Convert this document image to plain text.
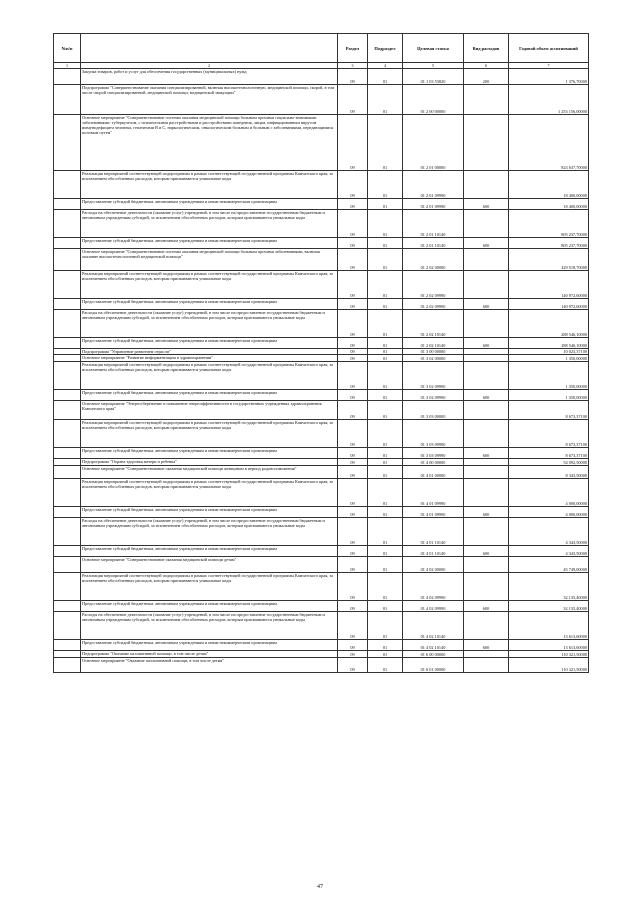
№п/п		Раздел	Подраздел	Целевая статья	Вид расходов	Годовой объем ассигнований
1	2	3	4	5	6	7
	Закупка товаров, работ и услуг для обеспечения государственных (муниципальных) нужд	09	01	01 1 03 53820	200	1 376,70000
	Подпрограмма "Совершенствование оказания специализированной, включая высокотехнологичную, медицинской помощи, скорой, в том числе скорой специализированной, медицинской помощи, медицинской эвакуации"	09	01	01 2 00 00000		1 253 156,00000
	Основное мероприятие "Совершенствование системы оказания медицинской помощи больным прочими социально-значимыми заболеваниями: туберкулезом, с психическими расстройствами и расстройствами поведения, лицам, инфицированным вирусом иммунодефицита человека, гепатитами В и С, наркологическим, онкологическим больным и больным с заболеваниями, передающимися половым путем"	09	01	01 2 01 00000		823 637,70000
	Реализация мероприятий соответствующей подпрограммы в рамках соответствующей государственной программы Камчатского края, за исключением обособленных расходов, которым присваиваются уникальные коды	09	01	01 2 01 09990		18 400,00000
	Предоставление субсидий бюджетным, автономным учреждениям и иным некоммерческим организациям	09	01	01 2 01 09990	600	18 400,00000
	Расходы на обеспечение деятельности (оказание услуг) учреждений, в том числе на предоставление государственным бюджетным и автономным учреждениям субсидий, за исключением обособленных расходов, которым присваиваются уникальные коды	09	01	01 2 01 10140		805 237,70000
	Предоставление субсидий бюджетным, автономным учреждениям и иным некоммерческим организациям	09	01	01 2 01 10140	600	805 237,70000
	Основное мероприятие "Совершенствование системы оказания медицинской помощи больным прочими заболеваниями, включая оказание высокотехнологичной медицинской помощи"	09	01	01 2 02 00000		429 518,70000
	Реализация мероприятий соответствующей подпрограммы в рамках соответствующей государственной программы Камчатского края, за исключением обособленных расходов, которым присваиваются уникальные коды	09	01	01 2 02 09990		140 972,60000
	Предоставление субсидий бюджетным, автономным учреждениям и иным некоммерческим организациям	09	01	01 2 02 09990	600	140 972,60000
	Расходы на обеспечение деятельности (оказание услуг) учреждений, в том числе на предоставление государственным бюджетным и автономным учреждениям субсидий, за исключением обособленных расходов, которым присваиваются уникальные коды	09	01	01 2 02 10140		288 546,10000
	Предоставление субсидий бюджетным, автономным учреждениям и иным некоммерческим организациям	09	01	01 2 02 10140	600	288 546,10000
	Подпрограмма "Управление развитием отрасли"	09	01	01 3 00 00000		10 023,37100
	Основное мероприятие "Развитие информатизации в здравоохранении"	09	01	01 3 02 00000		1 350,00000
	Реализация мероприятий соответствующей подпрограммы в рамках соответствующей государственной программы Камчатского края, за исключением обособленных расходов, которым присваиваются уникальные коды	09	01	01 3 02 09990		1 350,00000
	Предоставление субсидий бюджетным, автономным учреждениям и иным некоммерческим организациям	09	01	01 3 02 09990	600	1 350,00000
	Основное мероприятие "Энергосбережение и повышение энергоэффективности в государственных учреждениях здравоохранения Камчатского края"	09	01	01 3 03 00000		8 673,37100
	Реализация мероприятий соответствующей подпрограммы в рамках соответствующей государственной программы Камчатского края, за исключением обособленных расходов, которым присваиваются уникальные коды	09	01	01 3 03 09990		8 673,37100
	Предоставление субсидий бюджетным, автономным учреждениям и иным некоммерческим организациям	09	01	01 3 03 09990	600	8 673,37100
	Подпрограмма "Охрана здоровья матери и ребенка"	09	01	01 4 00 00000		54 092,50000
	Основное мероприятие "Совершенствование оказания медицинской помощи женщинам в период родовспоможения"	09	01	01 4 01 00000		8 343,50000
	Реализация мероприятий соответствующей подпрограммы в рамках соответствующей государственной программы Камчатского края, за исключением обособленных расходов, которым присваиваются уникальные коды	09	01	01 4 01 09990		4 000,00000
	Предоставление субсидий бюджетным, автономным учреждениям и иным некоммерческим организациям	09	01	01 4 01 09990	600	4 000,00000
	Расходы на обеспечение деятельности (оказание услуг) учреждений, в том числе на предоставление государственным бюджетным и автономным учреждениям субсидий, за исключением обособленных расходов, которым присваиваются уникальные коды	09	01	01 4 01 10140		4 343,50000
	Предоставление субсидий бюджетным, автономным учреждениям и иным некоммерческим организациям	09	01	01 4 01 10140	600	4 343,50000
	Основное мероприятие "Совершенствование оказания медицинской помощи детям"	09	01	01 4 02 00000		45 749,00000
	Реализация мероприятий соответствующей подпрограммы в рамках соответствующей государственной программы Камчатского края, за исключением обособленных расходов, которым присваиваются уникальные коды	09	01	01 4 02 09990		32 135,40000
	Предоставление субсидий бюджетным, автономным учреждениям и иным некоммерческим организациям	09	01	01 4 02 09990	600	32 135,40000
	Расходы на обеспечение деятельности (оказание услуг) учреждений, в том числе на предоставление государственным бюджетным и автономным учреждениям субсидий, за исключением обособленных расходов, которым присваиваются уникальные коды	09	01	01 4 02 10140		13 613,60000
	Предоставление субсидий бюджетным, автономным учреждениям и иным некоммерческим организациям	09	01	01 4 02 10140	600	13 613,60000
	Подпрограмма "Оказание паллиативной помощи, в том числе детям"	09	01	01 6 00 00000		110 321,50000
	Основное мероприятие "Оказание паллиативной помощи, в том числе детям"	09	01	01 6 01 00000		110 321,50000
47
